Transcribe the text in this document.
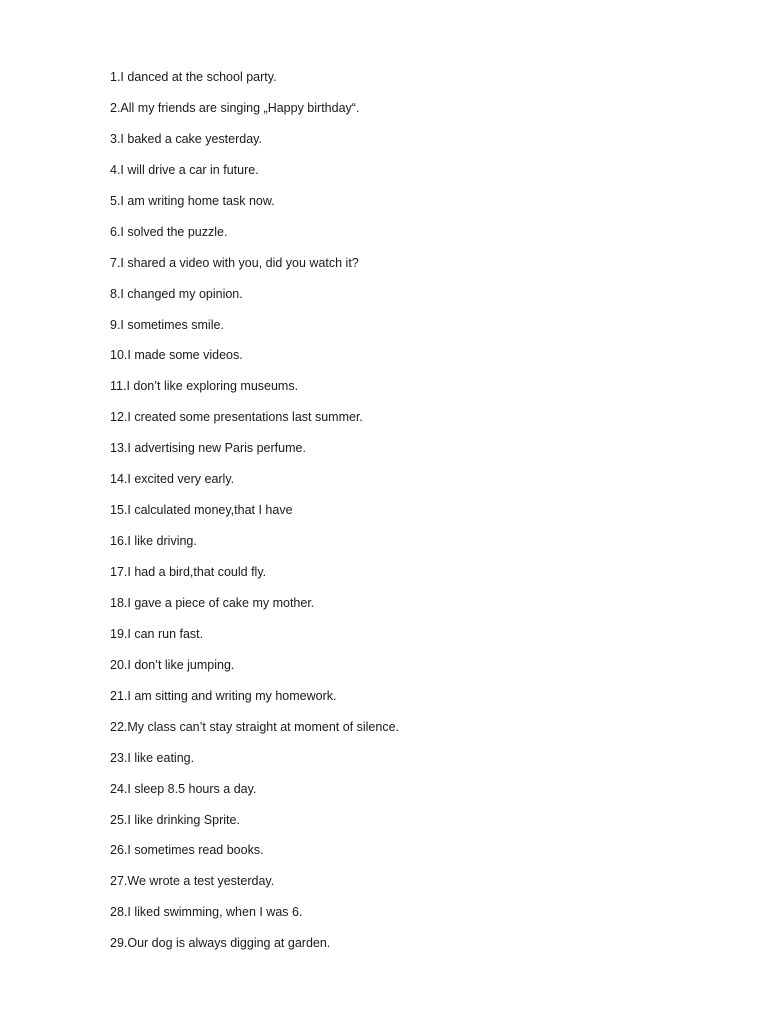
1.I danced at the school party.
2.All my friends are singing „Happy birthday“.
3.I baked a cake yesterday.
4.I will drive a car in future.
5.I am writing home task now.
6.I solved the puzzle.
7.I shared a video with you, did you watch it?
8.I changed my opinion.
9.I sometimes smile.
10.I made some videos.
11.I don’t like exploring museums.
12.I created some presentations last summer.
13.I advertising new Paris perfume.
14.I excited very early.
15.I calculated money,that I have
16.I like driving.
17.I had a bird,that could fly.
18.I gave a piece of cake my mother.
19.I can run fast.
20.I don’t like jumping.
21.I am sitting and writing my homework.
22.My class can’t stay straight at moment of silence.
23.I like eating.
24.I sleep 8.5 hours a day.
25.I like drinking Sprite.
26.I sometimes read books.
27.We wrote a test yesterday.
28.I liked swimming, when I was 6.
29.Our dog is always digging at garden.
